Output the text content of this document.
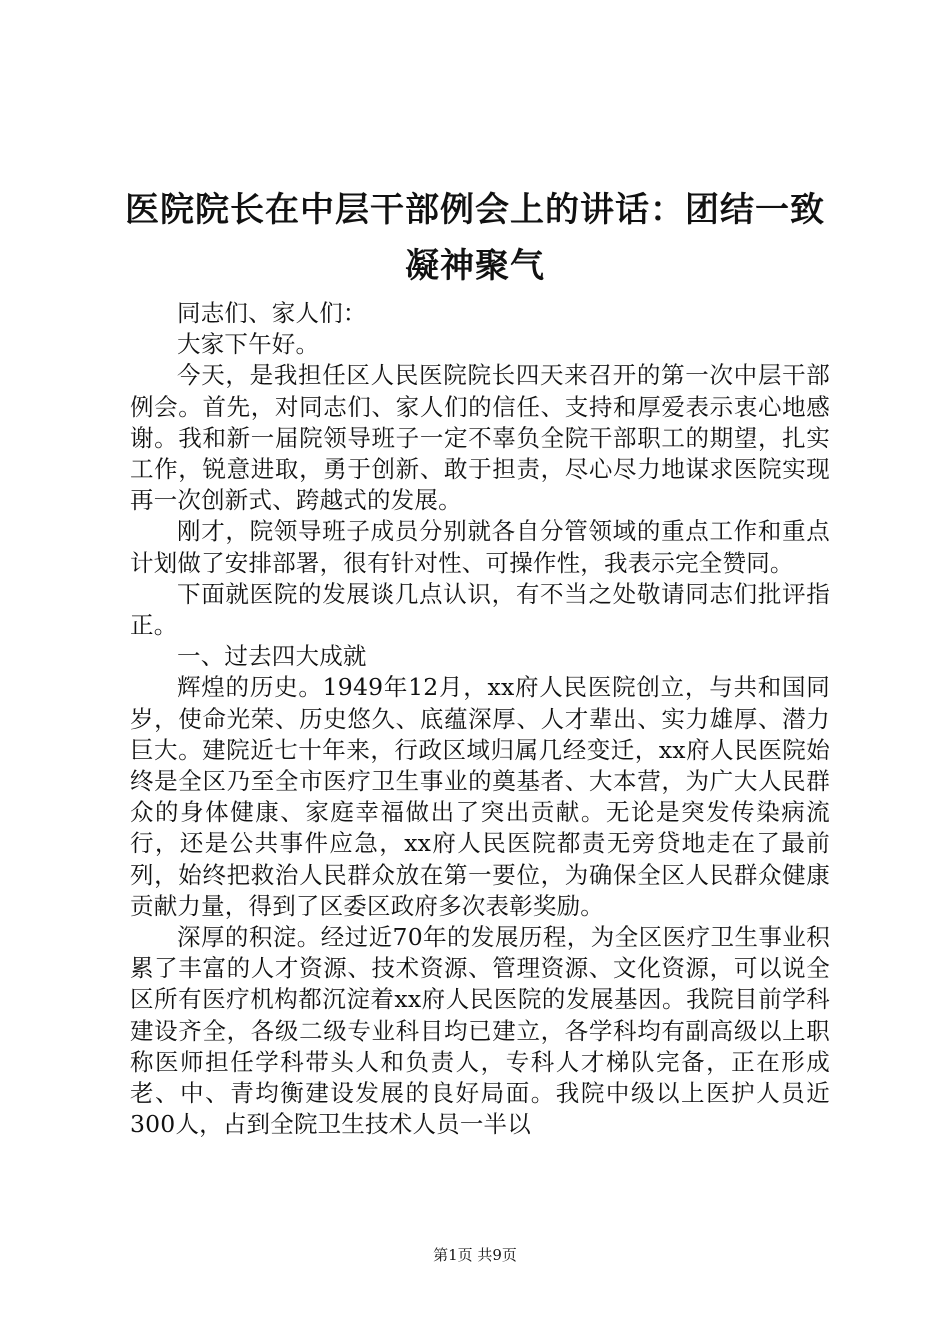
医院院长在中层干部例会上的讲话：团结一致
凝神聚气

同志们、家人们：

大家下午好。

今天，是我担任区人民医院院长四天来召开的第一次中层干部例会。首先，对同志们、家人们的信任、支持和厚爱表示衷心地感谢。我和新一届院领导班子一定不辜负全院干部职工的期望，扎实工作，锐意进取，勇于创新、敢于担责，尽心尽力地谋求医院实现再一次创新式、跨越式的发展。

刚才，院领导班子成员分别就各自分管领域的重点工作和重点计划做了安排部署，很有针对性、可操作性，我表示完全赞同。

下面就医院的发展谈几点认识，有不当之处敬请同志们批评指正。

一、过去四大成就

辉煌的历史。1949年12月，xx府人民医院创立，与共和国同岁，使命光荣、历史悠久、底蕴深厚、人才辈出、实力雄厚、潜力巨大。建院近七十年来，行政区域归属几经变迁，xx府人民医院始终是全区乃至全市医疗卫生事业的奠基者、大本营，为广大人民群众的身体健康、家庭幸福做出了突出贡献。无论是突发传染病流行，还是公共事件应急，xx府人民医院都责无旁贷地走在了最前列，始终把救治人民群众放在第一要位，为确保全区人民群众健康贡献力量，得到了区委区政府多次表彰奖励。

深厚的积淀。经过近70年的发展历程，为全区医疗卫生事业积累了丰富的人才资源、技术资源、管理资源、文化资源，可以说全区所有医疗机构都沉淀着xx府人民医院的发展基因。我院目前学科建设齐全，各级二级专业科目均已建立，各学科均有副高级以上职称医师担任学科带头人和负责人，专科人才梯队完备，正在形成老、中、青均衡建设发展的良好局面。我院中级以上医护人员近300人，占到全院卫生技术人员一半以

第1页 共9页
